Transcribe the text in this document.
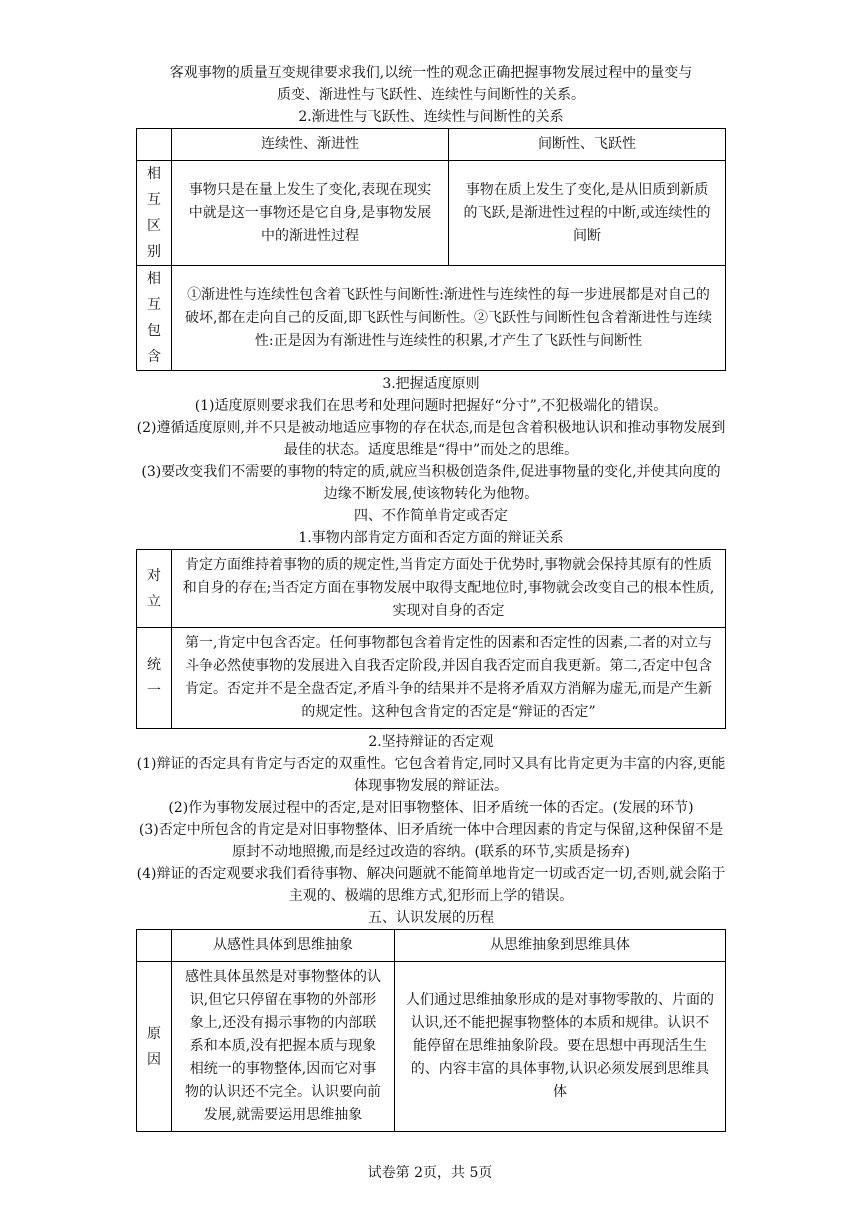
客观事物的质量互变规律要求我们,以统一性的观念正确把握事物发展过程中的量变与

质变、渐进性与飞跃性、连续性与间断性的关系。

2.渐进性与飞跃性、连续性与间断性的关系

	连续性、渐进性	间断性、飞跃性

相
互
区
别	事物只是在量上发生了变化,表现在现实中就是这一事物还是它自身,是事物发展中的渐进性过程	事物在质上发生了变化,是从旧质到新质的飞跃,是渐进性过程的中断,或连续性的间断

相
互
包
含	①渐进性与连续性包含着飞跃性与间断性:渐进性与连续性的每一步进展都是对自己的破坏,都在走向自己的反面,即飞跃性与间断性。②飞跃性与间断性包含着渐进性与连续性:正是因为有渐进性与连续性的积累,才产生了飞跃性与间断性	

3.把握适度原则

(1)适度原则要求我们在思考和处理问题时把握好“分寸”,不犯极端化的错误。

(2)遵循适度原则,并不只是被动地适应事物的存在状态,而是包含着积极地认识和推动事物发展到最佳的状态。适度思维是“得中”而处之的思维。

(3)要改变我们不需要的事物的特定的质,就应当积极创造条件,促进事物量的变化,并使其向度的边缘不断发展,使该物转化为他物。

四、不作简单肯定或否定

1.事物内部肯定方面和否定方面的辩证关系

对
立	肯定方面维持着事物的质的规定性,当肯定方面处于优势时,事物就会保持其原有的性质和自身的存在;当否定方面在事物发展中取得支配地位时,事物就会改变自己的根本性质,实现对自身的否定

统
一	第一,肯定中包含否定。任何事物都包含着肯定性的因素和否定性的因素,二者的对立与斗争必然使事物的发展进入自我否定阶段,并因自我否定而自我更新。第二,否定中包含肯定。否定并不是全盘否定,矛盾斗争的结果并不是将矛盾双方消解为虚无,而是产生新的规定性。这种包含肯定的否定是“辩证的否定”

2.坚持辩证的否定观

(1)辩证的否定具有肯定与否定的双重性。它包含着肯定,同时又具有比肯定更为丰富的内容,更能体现事物发展的辩证法。

(2)作为事物发展过程中的否定,是对旧事物整体、旧矛盾统一体的否定。(发展的环节)

(3)否定中所包含的肯定是对旧事物整体、旧矛盾统一体中合理因素的肯定与保留,这种保留不是原封不动地照搬,而是经过改造的容纳。(联系的环节,实质是扬弃)

(4)辩证的否定观要求我们看待事物、解决问题就不能简单地肯定一切或否定一切,否则,就会陷于主观的、极端的思维方式,犯形而上学的错误。

五、认识发展的历程

	从感性具体到思维抽象	从思维抽象到思维具体

原
因	感性具体虽然是对事物整体的认识,但它只停留在事物的外部形象上,还没有揭示事物的内部联系和本质,没有把握本质与现象相统一的事物整体,因而它对事物的认识还不完全。认识要向前发展,就需要运用思维抽象	人们通过思维抽象形成的是对事物零散的、片面的认识,还不能把握事物整体的本质和规律。认识不能停留在思维抽象阶段。要在思想中再现活生生的、内容丰富的具体事物,认识必须发展到思维具体
试卷第 2页，共 5页
